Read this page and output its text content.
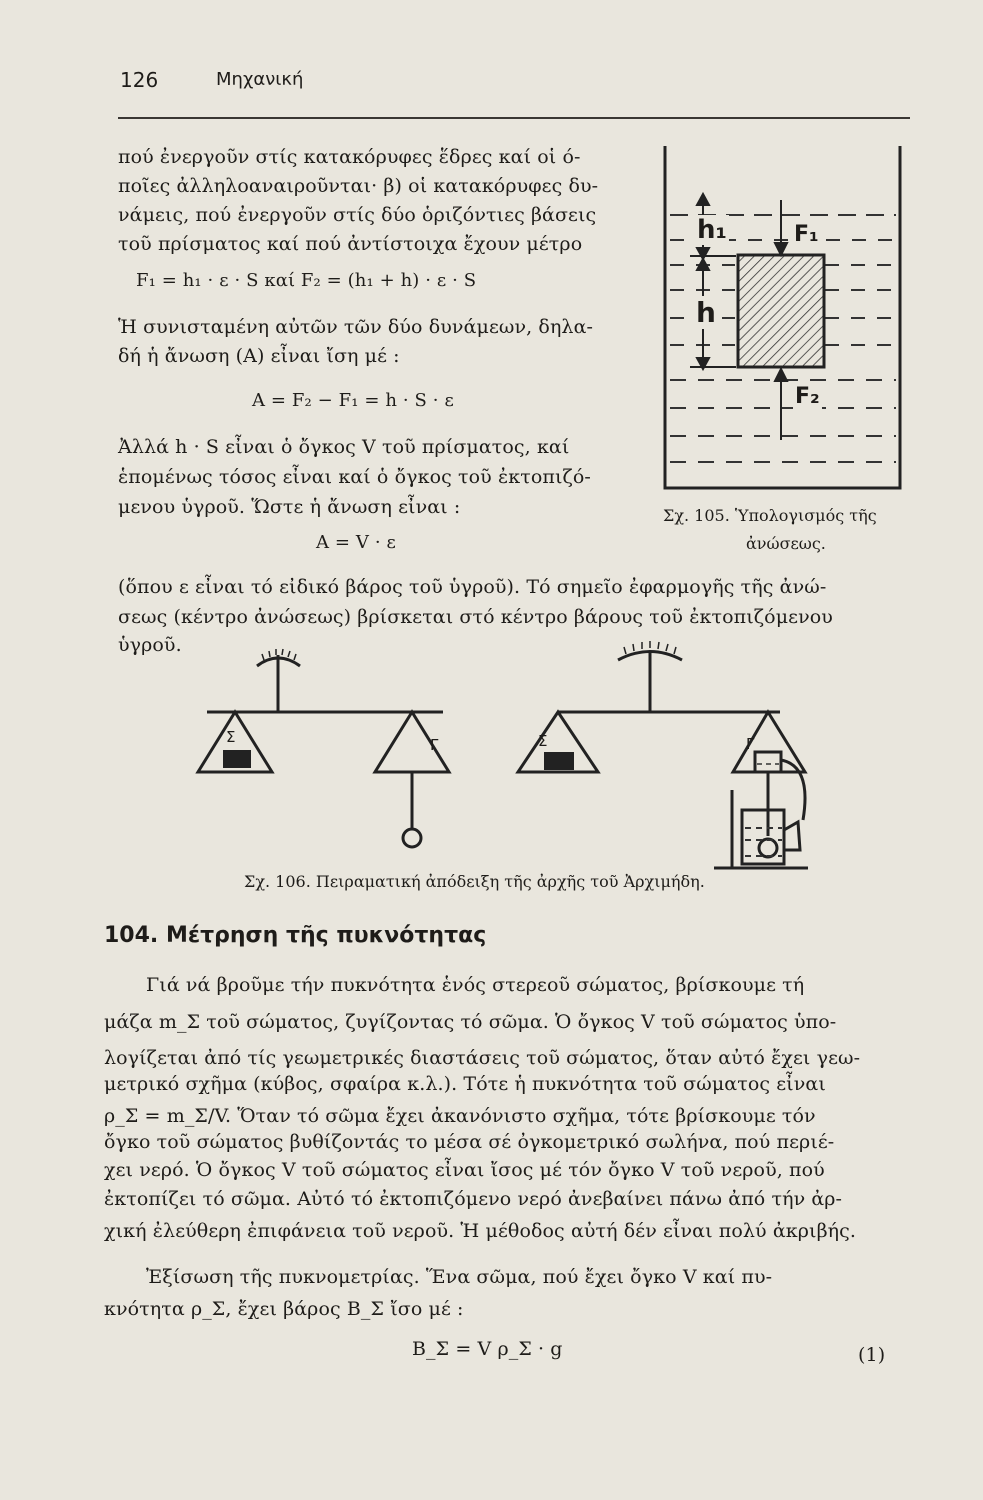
126	Μηχανική
πού ἐνεργοῦν στίς κατακόρυφες ἕδρες καί οἱ ό-
ποῖες ἀλληλοαναιροῦνται· β) οἱ κατακόρυφες δυ-
νάμεις, πού ἐνεργοῦν στίς δύο ὁριζόντιες βάσεις
τοῦ πρίσματος καί πού ἀντίστοιχα ἔχουν μέτρο
F₁ = h₁ · ε · S καί F₂ = (h₁ + h) · ε · S
Ἡ συνισταμένη αὐτῶν τῶν δύο δυνάμεων, δηλα-
δή ἡ ἄνωση (A) εἶναι ἴση μέ :
A = F₂ − F₁ = h · S · ε
Ἀλλά h · S εἶναι ὁ ὄγκος V τοῦ πρίσματος, καί
ἑπομένως τόσος εἶναι καί ὁ ὄγκος τοῦ ἐκτοπιζό-
μενου ὑγροῦ. Ὥστε ἡ ἄνωση εἶναι :
A = V · ε
h₁
h
F₁
F₂
Σχ. 105. Ὑπολογισμός τῆς
ἀνώσεως.
(ὅπου ε εἶναι τό εἰδικό βάρος τοῦ ὑγροῦ). Τό σημεῖο ἐφαρμογῆς τῆς ἀνώ-
σεως (κέντρο ἀνώσεως) βρίσκεται στό κέντρο βάρους τοῦ ἐκτοπιζόμενου
ὑγροῦ.
Σ	Γ	Σ	Γ
Σχ. 106. Πειραματική ἀπόδειξη τῆς ἀρχῆς τοῦ Ἀρχιμήδη.
104. Μέτρηση τῆς πυκνότητας
Γιά νά βροῦμε τήν πυκνότητα ἑνός στερεοῦ σώματος, βρίσκουμε τή
μάζα m_Σ τοῦ σώματος, ζυγίζοντας τό σῶμα. Ὁ ὄγκος V τοῦ σώματος ὑπο-
λογίζεται ἀπό τίς γεωμετρικές διαστάσεις τοῦ σώματος, ὅταν αὐτό ἔχει γεω-
μετρικό σχῆμα (κύβος, σφαίρα κ.λ.). Τότε ἡ πυκνότητα τοῦ σώματος εἶναι
ρ_Σ = m_Σ/V. Ὅταν τό σῶμα ἔχει ἀκανόνιστο σχῆμα, τότε βρίσκουμε τόν
ὄγκο τοῦ σώματος βυθίζοντάς το μέσα σέ ὀγκομετρικό σωλήνα, πού περιέ-
χει νερό. Ὁ ὄγκος V τοῦ σώματος εἶναι ἴσος μέ τόν ὄγκο V τοῦ νεροῦ, πού
ἐκτοπίζει τό σῶμα. Αὐτό τό ἐκτοπιζόμενο νερό ἀνεβαίνει πάνω ἀπό τήν ἀρ-
χική ἐλεύθερη ἐπιφάνεια τοῦ νεροῦ. Ἡ μέθοδος αὐτή δέν εἶναι πολύ ἀκριβής.
Ἐξίσωση τῆς πυκνομετρίας. Ἕνα σῶμα, πού ἔχει ὄγκο V καί πυ-
κνότητα ρ_Σ, ἔχει βάρος B_Σ ἴσο μέ :
B_Σ = V ρ_Σ · g	(1)
